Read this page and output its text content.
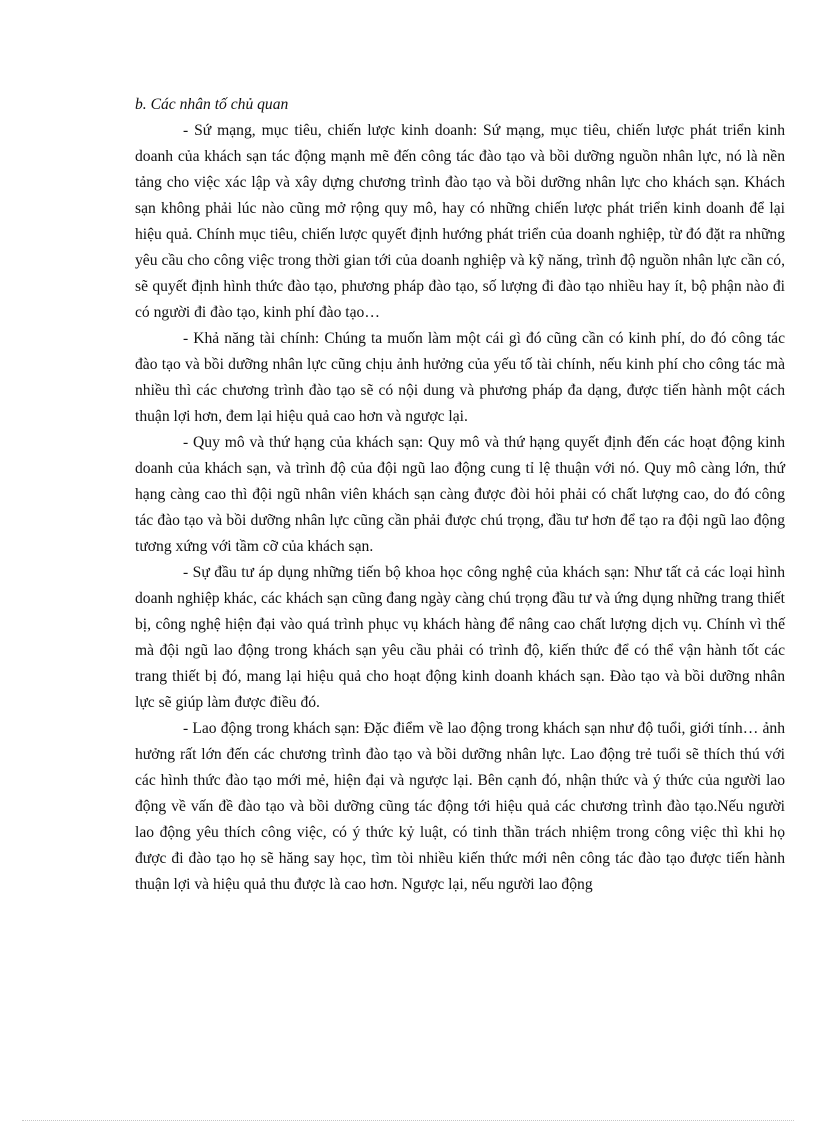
b. Các nhân tố chủ quan

- Sứ mạng, mục tiêu, chiến lược kinh doanh: Sứ mạng, mục tiêu, chiến lược phát triển kinh doanh của khách sạn tác động mạnh mẽ đến công tác đào tạo và bồi dưỡng nguồn nhân lực, nó là nền tảng cho việc xác lập và xây dựng chương trình đào tạo và bồi dưỡng nhân lực cho khách sạn. Khách sạn không phải lúc nào cũng mở rộng quy mô, hay có những chiến lược phát triển kinh doanh để lại hiệu quả. Chính mục tiêu, chiến lược quyết định hướng phát triển của doanh nghiệp, từ đó đặt ra những yêu cầu cho công việc trong thời gian tới của doanh nghiệp và kỹ năng, trình độ nguồn nhân lực cần có, sẽ quyết định hình thức đào tạo, phương pháp đào tạo, số lượng đi đào tạo nhiều hay ít, bộ phận nào đi có người đi đào tạo, kinh phí đào tạo…

- Khả năng tài chính: Chúng ta muốn làm một cái gì đó cũng cần có kinh phí, do đó công tác đào tạo và bồi dưỡng nhân lực cũng chịu ảnh hưởng của yếu tố tài chính, nếu kinh phí cho công tác mà nhiều thì các chương trình đào tạo sẽ có nội dung và phương pháp đa dạng, được tiến hành một cách thuận lợi hơn, đem lại hiệu quả cao hơn và ngược lại.

- Quy mô và thứ hạng của khách sạn: Quy mô và thứ hạng quyết định đến các hoạt động kinh doanh của khách sạn, và trình độ của đội ngũ lao động cung tỉ lệ thuận với nó. Quy mô càng lớn, thứ hạng càng cao thì đội ngũ nhân viên khách sạn càng được đòi hỏi phải có chất lượng cao, do đó công tác đào tạo và bồi dưỡng nhân lực cũng cần phải được chú trọng, đầu tư hơn để tạo ra đội ngũ lao động tương xứng với tầm cỡ của khách sạn.

- Sự đầu tư áp dụng những tiến bộ khoa học công nghệ của khách sạn: Như tất cả các loại hình doanh nghiệp khác, các khách sạn cũng đang ngày càng chú trọng đầu tư và ứng dụng những trang thiết bị, công nghệ hiện đại vào quá trình phục vụ khách hàng để nâng cao chất lượng dịch vụ. Chính vì thế mà đội ngũ lao động trong khách sạn yêu cầu phải có trình độ, kiến thức để có thể vận hành tốt các trang thiết bị đó, mang lại hiệu quả cho hoạt động kinh doanh khách sạn. Đào tạo và bồi dưỡng nhân lực sẽ giúp làm được điều đó.

- Lao động trong khách sạn: Đặc điểm về lao động trong khách sạn như độ tuổi, giới tính… ảnh hưởng rất lớn đến các chương trình đào tạo và bồi dưỡng nhân lực. Lao động trẻ tuổi sẽ thích thú với các hình thức đào tạo mới mẻ, hiện đại và ngược lại. Bên cạnh đó, nhận thức và ý thức của người lao động về vấn đề đào tạo và bồi dưỡng cũng tác động tới hiệu quả các chương trình đào tạo.Nếu người lao động yêu thích công việc, có ý thức kỷ luật, có tinh thần trách nhiệm trong công việc thì khi họ được đi đào tạo họ sẽ hăng say học, tìm tòi nhiều kiến thức mới nên công tác đào tạo được tiến hành thuận lợi và hiệu quả thu được là cao hơn. Ngược lại, nếu người lao động
